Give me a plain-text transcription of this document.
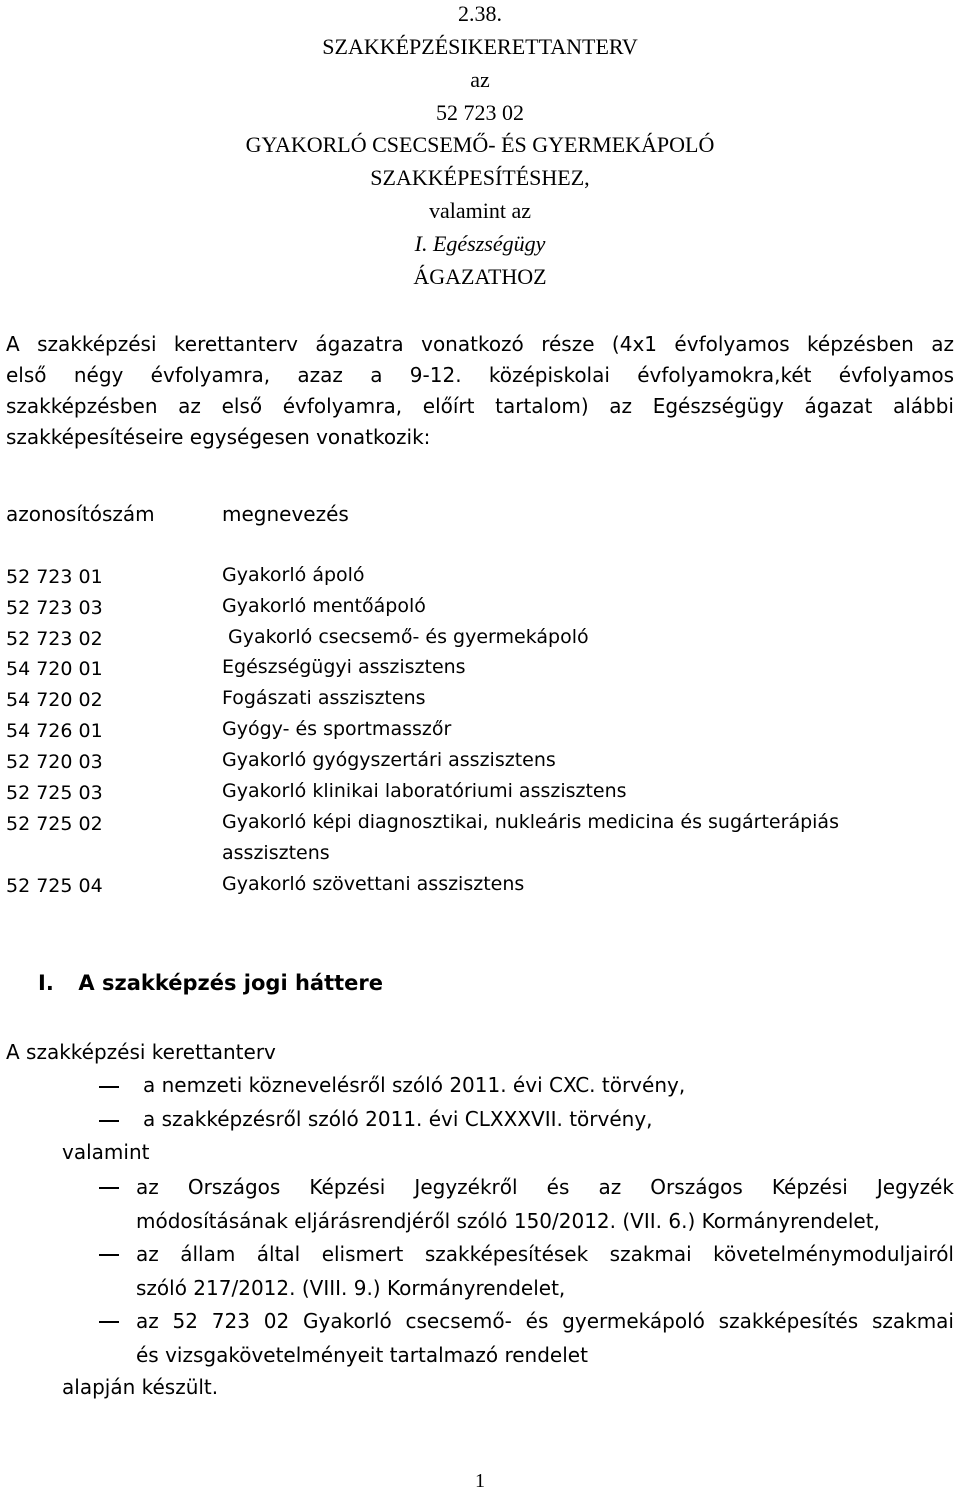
2.38.
SZAKKÉPZÉSIKERETTANTERV
az
52 723 02
GYAKORLÓ CSECSEMŐ- ÉS GYERMEKÁPOLÓ
SZAKKÉPESÍTÉSHEZ,
valamint az
I. Egészségügy
ÁGAZATHOZ
A szakképzési kerettanterv ágazatra vonatkozó része (4x1 évfolyamos képzésben az
első négy évfolyamra, azaz a 9-12. középiskolai évfolyamokra,két évfolyamos
szakképzésben az első évfolyamra, előírt tartalom) az Egészségügy ágazat alábbi
szakképesítéseire egységesen vonatkozik:
azonosítószám	megnevezés
52 723 01	Gyakorló ápoló
52 723 03	Gyakorló mentőápoló
52 723 02	Gyakorló csecsemő- és gyermekápoló
54 720 01	Egészségügyi asszisztens
54 720 02	Fogászati asszisztens
54 726 01	Gyógy- és sportmasszőr
52 720 03	Gyakorló gyógyszertári asszisztens
52 725 03	Gyakorló klinikai laboratóriumi asszisztens
52 725 02	Gyakorló képi diagnosztikai, nukleáris medicina és sugárterápiás asszisztens
52 725 04	Gyakorló szövettani asszisztens
I. A szakképzés jogi háttere
A szakképzési kerettanterv
a nemzeti köznevelésről szóló 2011. évi CXC. törvény,
a szakképzésről szóló 2011. évi CLXXXVII. törvény,
valamint
az Országos Képzési Jegyzékről és az Országos Képzési Jegyzék
módosításának eljárásrendjéről szóló 150/2012. (VII. 6.) Kormányrendelet,
az állam által elismert szakképesítések szakmai követelménymoduljairól
szóló 217/2012. (VIII. 9.) Kormányrendelet,
az 52 723 02 Gyakorló csecsemő- és gyermekápoló szakképesítés szakmai
és vizsgakövetelményeit tartalmazó rendelet
alapján készült.
1
